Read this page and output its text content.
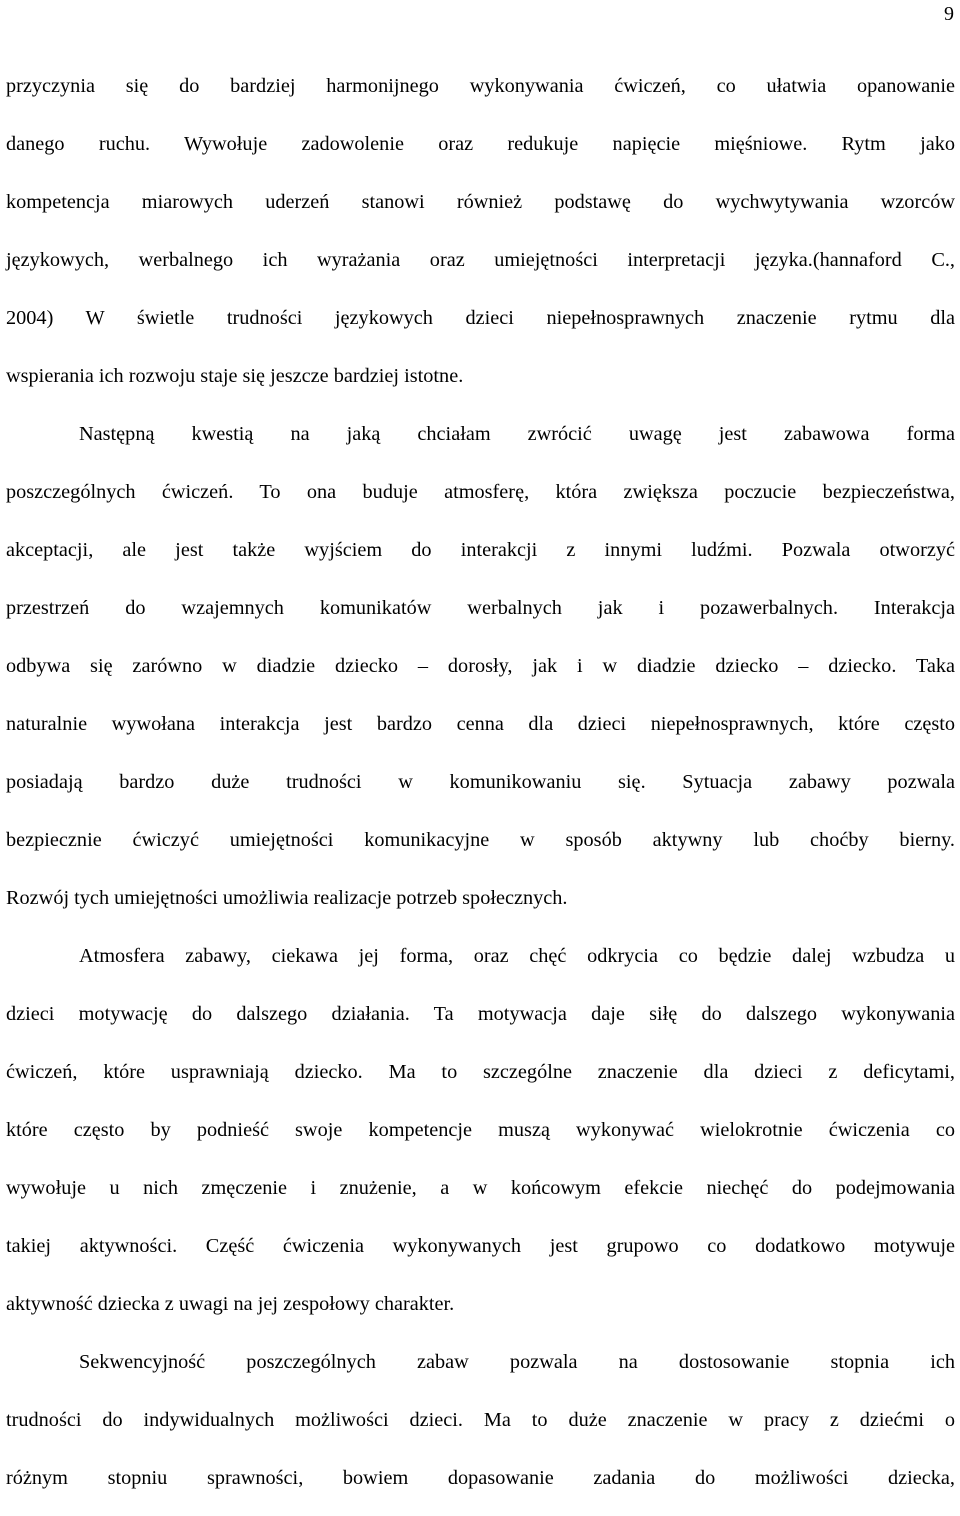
9
przyczynia się do bardziej harmonijnego wykonywania ćwiczeń, co ułatwia opanowanie
danego ruchu. Wywołuje zadowolenie oraz redukuje napięcie mięśniowe. Rytm jako
kompetencja miarowych uderzeń stanowi również podstawę do wychwytywania wzorców
językowych, werbalnego ich wyrażania oraz umiejętności interpretacji języka.(hannaford C.,
2004) W świetle trudności językowych dzieci niepełnosprawnych znaczenie rytmu dla
wspierania ich rozwoju staje się jeszcze bardziej istotne.
Następną kwestią na jaką chciałam zwrócić uwagę jest zabawowa forma
poszczególnych ćwiczeń. To ona buduje atmosferę, która zwiększa poczucie bezpieczeństwa,
akceptacji, ale jest także wyjściem do interakcji z innymi ludźmi. Pozwala otworzyć
przestrzeń do wzajemnych komunikatów werbalnych jak i pozawerbalnych. Interakcja
odbywa się zarówno w diadzie dziecko – dorosły, jak i w diadzie dziecko – dziecko. Taka
naturalnie wywołana interakcja jest bardzo cenna dla dzieci niepełnosprawnych, które często
posiadają bardzo duże trudności w komunikowaniu się. Sytuacja zabawy pozwala
bezpiecznie ćwiczyć umiejętności komunikacyjne w sposób aktywny lub choćby bierny.
Rozwój tych umiejętności umożliwia realizacje potrzeb społecznych.
Atmosfera zabawy, ciekawa jej forma, oraz chęć odkrycia co będzie dalej wzbudza u
dzieci motywację do dalszego działania. Ta motywacja daje siłę do dalszego wykonywania
ćwiczeń, które usprawniają dziecko. Ma to szczególne znaczenie dla dzieci z deficytami,
które często by podnieść swoje kompetencje muszą wykonywać wielokrotnie ćwiczenia co
wywołuje u nich zmęczenie i znużenie, a w końcowym efekcie niechęć do podejmowania
takiej aktywności. Część ćwiczenia wykonywanych jest grupowo co dodatkowo motywuje
aktywność dziecka z uwagi na jej zespołowy charakter.
Sekwencyjność poszczególnych zabaw pozwala na dostosowanie stopnia ich
trudności do indywidualnych możliwości dzieci. Ma to duże znaczenie w pracy z dziećmi o
różnym stopniu sprawności, bowiem dopasowanie zadania do możliwości dziecka,
